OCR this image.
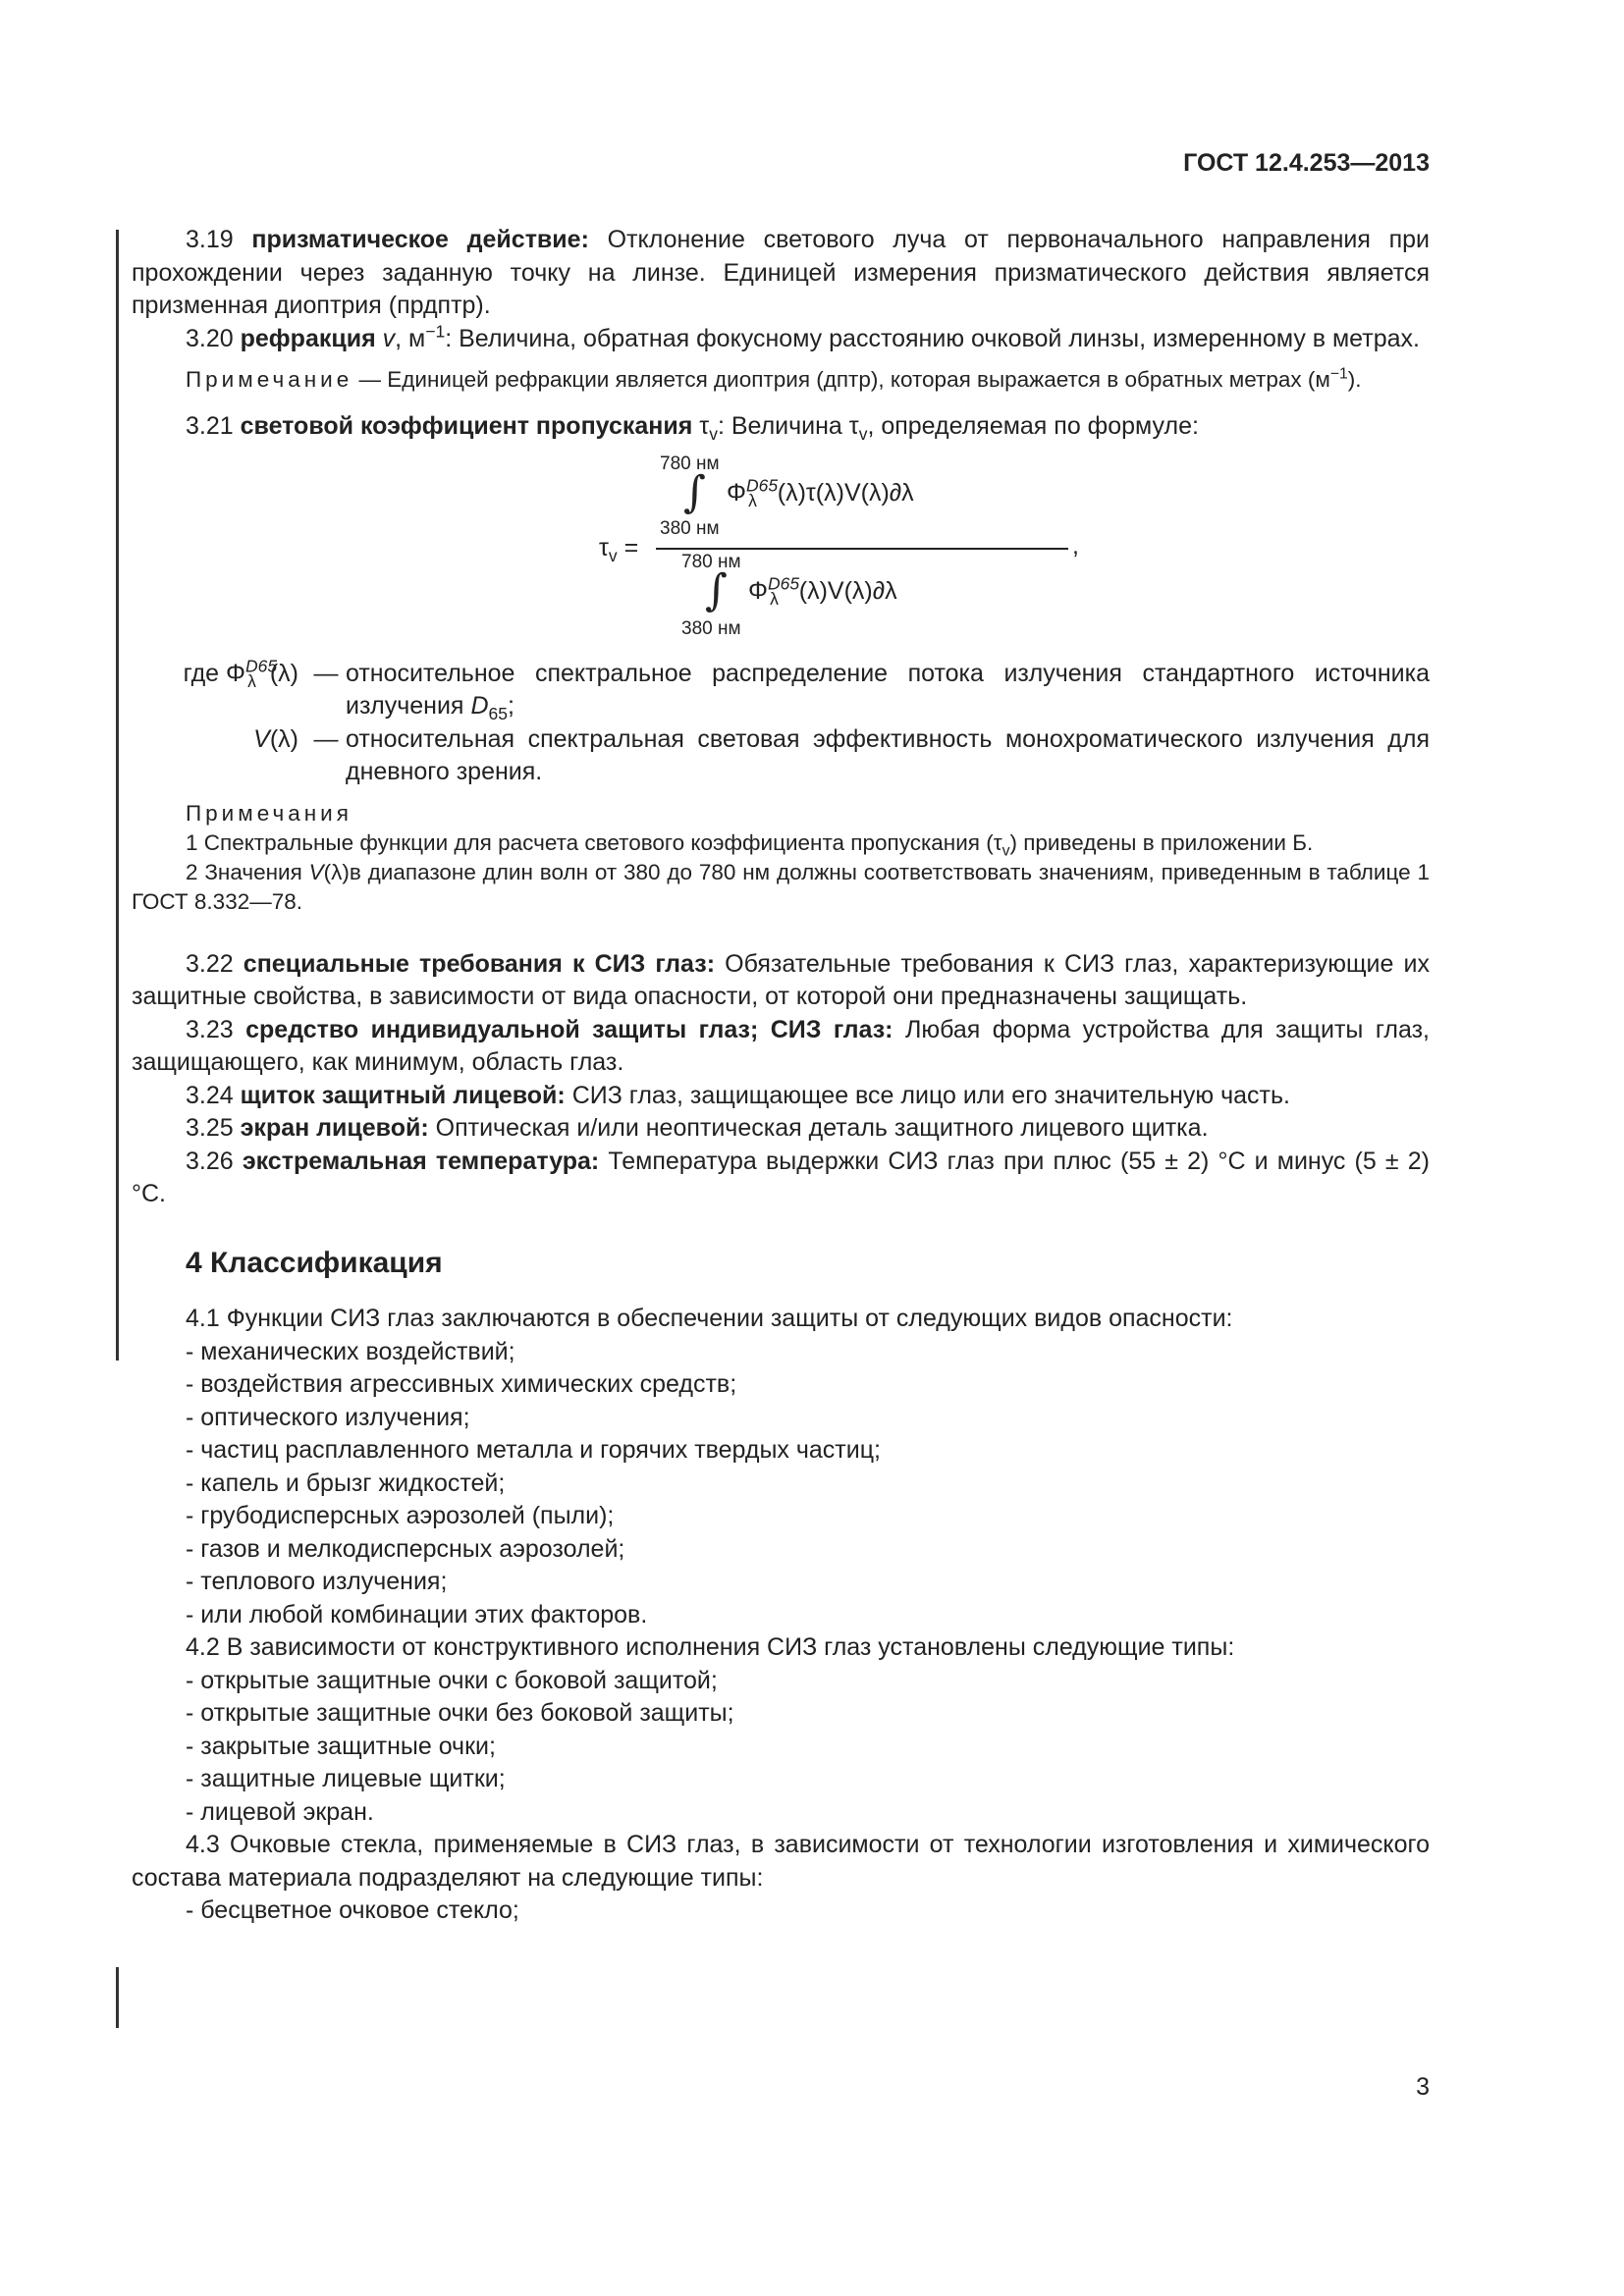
ГОСТ 12.4.253—2013

3.19 призматическое действие: Отклонение светового луча от первоначального направления при прохождении через заданную точку на линзе. Единицей измерения призматического действия является призменная диоптрия (прдптр).

3.20 рефракция v, $м^{-1}$: Величина, обратная фокусному расстоянию очковой линзы, измеренному в метрах.

Примечание — Единицей рефракции является диоптрия (дптр), которая выражается в обратных метрах $(м^{-1})$.

3.21 световой коэффициент пропускания $\tau_v$: Величина $\tau_v$, определяемая по формуле:

$\tau_v$ =
780 нм
∫
380 нм
$\Phi^{D65}_\lambda$ (λ)τ(λ)V(λ)∂λ
,
780 нм
∫
380 нм
$\Phi^{D65}_\lambda$ (λ)V(λ)∂λ
где $\Phi^{D65}_\lambda$ (λ) — относительное спектральное распределение потока излучения стандартного источника излучения $D_{65}$;
V(λ) — относительная спектральная световая эффективность монохроматического излучения для дневного зрения.

Примечания

1 Спектральные функции для расчета светового коэффициента пропускания $(\tau_v)$ приведены в приложении Б.

2 Значения V(λ)в диапазоне длин волн от 380 до 780 нм должны соответствовать значениям, приведенным в таблице 1 ГОСТ 8.332—78.

3.22 специальные требования к СИЗ глаз: Обязательные требования к СИЗ глаз, характеризующие их защитные свойства, в зависимости от вида опасности, от которой они предназначены защищать.

3.23 средство индивидуальной защиты глаз; СИЗ глаз: Любая форма устройства для защиты глаз, защищающего, как минимум, область глаз.

3.24 щиток защитный лицевой: СИЗ глаз, защищающее все лицо или его значительную часть.

3.25 экран лицевой: Оптическая и/или неоптическая деталь защитного лицевого щитка.

3.26 экстремальная температура: Температура выдержки СИЗ глаз при плюс (55 ± 2) °С и минус (5 ± 2) °С.

4 Классификация

4.1 Функции СИЗ глаз заключаются в обеспечении защиты от следующих видов опасности:

- механических воздействий;

- воздействия агрессивных химических средств;

- оптического излучения;

- частиц расплавленного металла и горячих твердых частиц;

- капель и брызг жидкостей;

- грубодисперсных аэрозолей (пыли);

- газов и мелкодисперсных аэрозолей;

- теплового излучения;

- или любой комбинации этих факторов.

4.2 В зависимости от конструктивного исполнения СИЗ глаз установлены следующие типы:

- открытые защитные очки с боковой защитой;

- открытые защитные очки без боковой защиты;

- закрытые защитные очки;

- защитные лицевые щитки;

- лицевой экран.

4.3 Очковые стекла, применяемые в СИЗ глаз, в зависимости от технологии изготовления и химического состава материала подразделяют на следующие типы:

- бесцветное очковое стекло;

3
